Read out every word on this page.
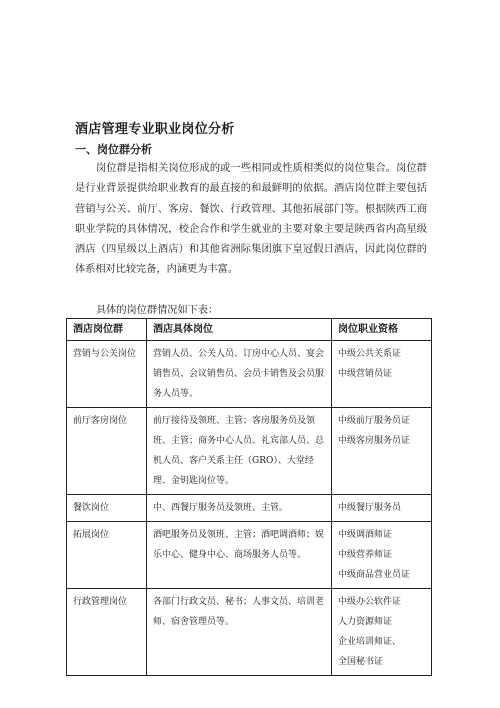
酒店管理专业职业岗位分析
一、岗位群分析

岗位群是指相关岗位形成的或一些相同或性质相类似的岗位集合。岗位群是行业背景提供给职业教育的最直接的和最鲜明的依据。酒店岗位群主要包括营销与公关、前厅、客房、餐饮、行政管理、其他拓展部门等。根据陕西工商职业学院的具体情况，校企合作和学生就业的主要对象主要是陕西省内高星级酒店（四星级以上酒店）和其他省洲际集团旗下皇冠假日酒店，因此岗位群的体系相对比较完备，内涵更为丰富。

具体的岗位群情况如下表：
酒店岗位群	酒店具体岗位	岗位职业资格
营销与公关岗位	营销人员、公关人员、订房中心人员、宴会销售员、会议销售员、会员卡销售及会员服务人员等。	中级公共关系证
中级营销员证

前厅客房岗位	前厅接待及领班、主管；客房服务员及领班、主管；商务中心人员、礼宾部人员、总机人员、客户关系主任（GRO）、大堂经理、金钥匙岗位等。	中级前厅服务员证
中级客房服务员证

餐饮岗位	中、西餐厅服务员及领班、主管。	中级餐厅服务员

拓展岗位	酒吧服务员及领班、主管；酒吧调酒师；娱乐中心、健身中心、商场服务人员等。	中级调酒师证
中级营养师证
中级商品营业员证

行政管理岗位	各部门行政文员、秘书；人事文员、培训老师、宿舍管理员等。	中级办公软件证
人力资源师证
企业培训师证、
全国秘书证
